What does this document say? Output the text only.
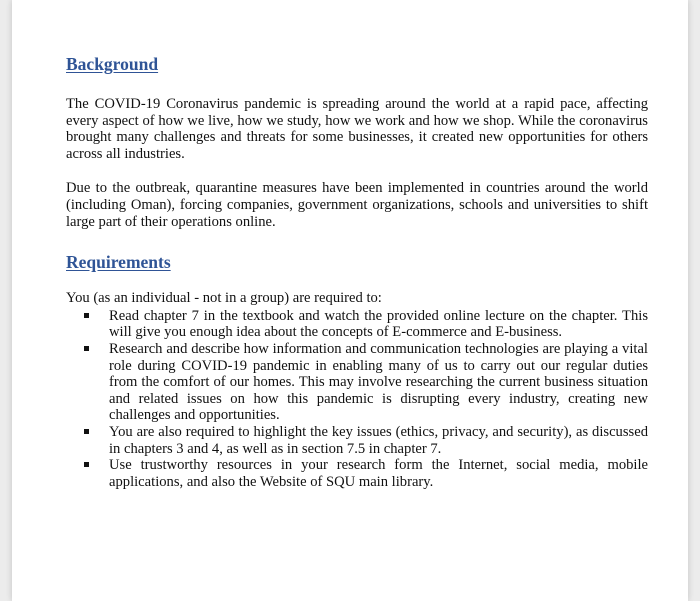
Background

The COVID-19 Coronavirus pandemic is spreading around the world at a rapid pace, affecting every aspect of how we live, how we study, how we work and how we shop. While the coronavirus brought many challenges and threats for some businesses, it created new opportunities for others across all industries.

Due to the outbreak, quarantine measures have been implemented in countries around the world (including Oman), forcing companies, government organizations, schools and universities to shift large part of their operations online.

Requirements

You (as an individual - not in a group) are required to:

Read chapter 7 in the textbook and watch the provided online lecture on the chapter. This will give you enough idea about the concepts of E-commerce and E-business.
Research and describe how information and communication technologies are playing a vital role during COVID-19 pandemic in enabling many of us to carry out our regular duties from the comfort of our homes. This may involve researching the current business situation and related issues on how this pandemic is disrupting every industry, creating new challenges and opportunities.
You are also required to highlight the key issues (ethics, privacy, and security), as discussed in chapters 3 and 4, as well as in section 7.5 in chapter 7.
Use trustworthy resources in your research form the Internet, social media, mobile applications, and also the Website of SQU main library.
